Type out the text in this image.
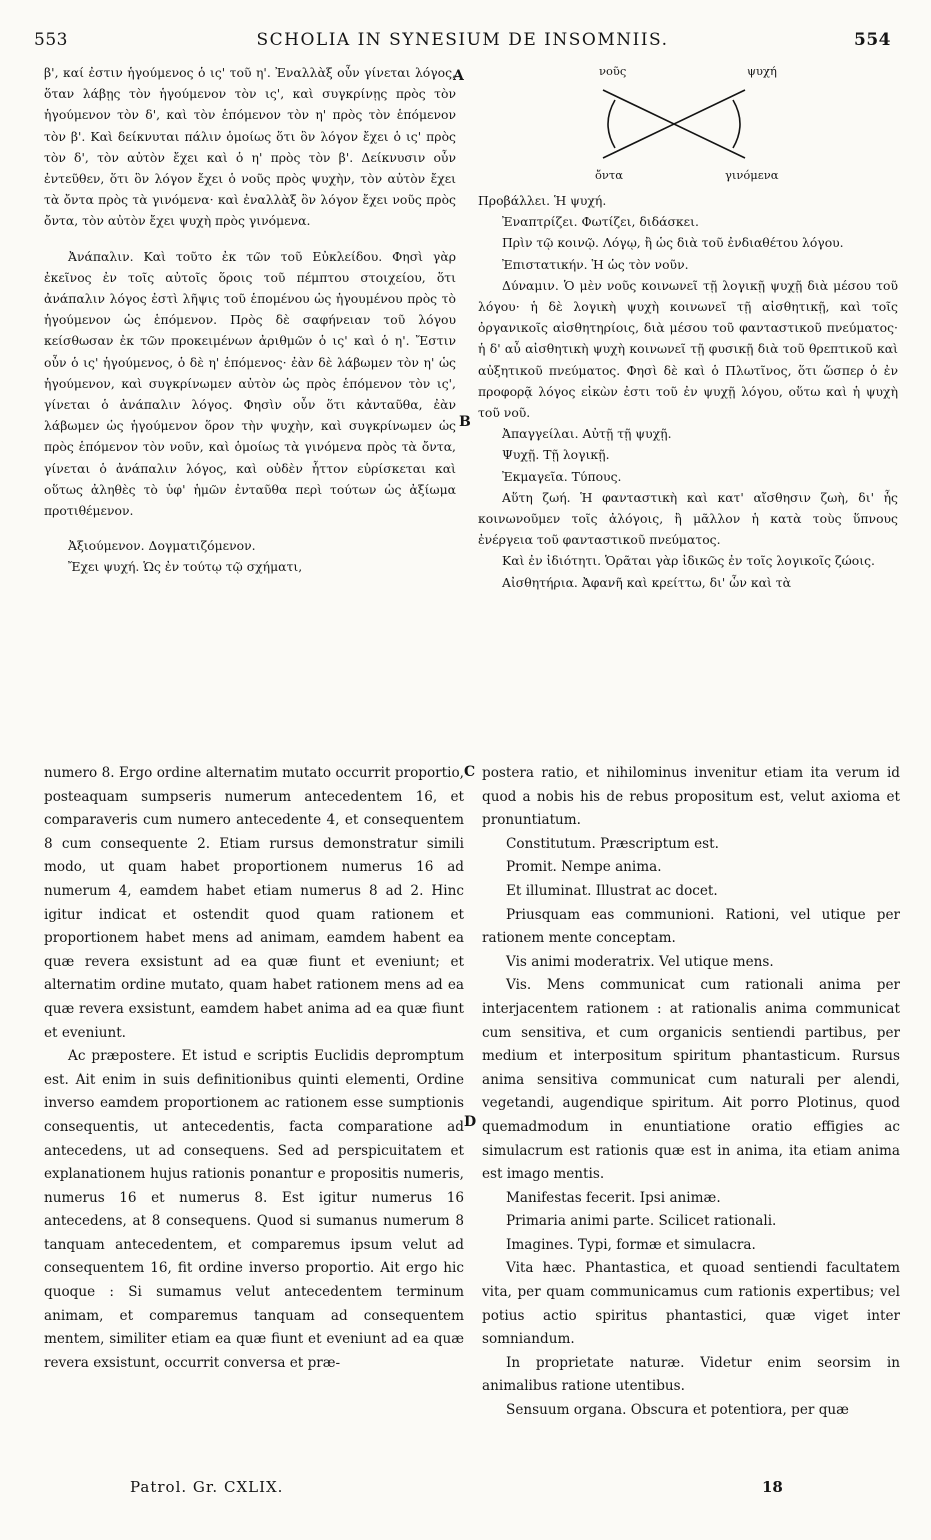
553	SCHOLIA IN SYNESIUM DE INSOMNIIS.	554

β', καί ἐστιν ἡγούμενος ὁ ις' τοῦ η'. Ἐναλλὰξ οὖν γίνεται λόγος, ὅταν λάβῃς τὸν ἡγούμενον τὸν ις', καὶ συγκρίνῃς πρὸς τὸν ἡγούμενον τὸν δ', καὶ τὸν ἑπόμενον τὸν η' πρὸς τὸν ἑπόμενον τὸν β'. Καὶ δείκνυται πάλιν ὁμοίως ὅτι ὃν λόγον ἔχει ὁ ις' πρὸς τὸν δ', τὸν αὐτὸν ἔχει καὶ ὁ η' πρὸς τὸν β'. Δείκνυσιν οὖν ἐντεῦθεν, ὅτι ὃν λόγον ἔχει ὁ νοῦς πρὸς ψυχὴν, τὸν αὐτὸν ἔχει τὰ ὄντα πρὸς τὰ γινόμενα· καὶ ἐναλλὰξ ὃν λόγον ἔχει νοῦς πρὸς ὄντα, τὸν αὐτὸν ἔχει ψυχὴ πρὸς γινόμενα.

Ἀνάπαλιν. Καὶ τοῦτο ἐκ τῶν τοῦ Εὐκλείδου. Φησὶ γὰρ ἐκεῖνος ἐν τοῖς αὐτοῖς ὅροις τοῦ πέμπτου στοιχείου, ὅτι ἀνάπαλιν λόγος ἐστὶ λῆψις τοῦ ἑπομένου ὡς ἡγουμένου πρὸς τὸ ἡγούμενον ὡς ἑπόμενον. Πρὸς δὲ σαφήνειαν τοῦ λόγου κείσθωσαν ἐκ τῶν προκειμένων ἀριθμῶν ὁ ις' καὶ ὁ η'. Ἔστιν οὖν ὁ ις' ἡγούμενος, ὁ δὲ η' ἑπόμενος· ἐὰν δὲ λάβωμεν τὸν η' ὡς ἡγούμενον, καὶ συγκρίνωμεν αὐτὸν ὡς πρὸς ἑπόμενον τὸν ις', γίνεται ὁ ἀνάπαλιν λόγος. Φησὶν οὖν ὅτι κἀνταῦθα, ἐὰν λάβωμεν ὡς ἡγούμενον ὅρον τὴν ψυχὴν, καὶ συγκρίνωμεν ὡς πρὸς ἑπόμενον τὸν νοῦν, καὶ ὁμοίως τὰ γινόμενα πρὸς τὰ ὄντα, γίνεται ὁ ἀνάπαλιν λόγος, καὶ οὐδὲν ἧττον εὑρίσκεται καὶ οὕτως ἀληθὲς τὸ ὑφ' ἡμῶν ἐνταῦθα περὶ τούτων ὡς ἀξίωμα προτιθέμενον.

Ἀξιούμενον. Δογματιζόμενον.

Ἔχει ψυχή. Ὡς ἐν τούτῳ τῷ σχήματι,

νοῦς	ψυχή
ὄντα	γινόμενα

Προβάλλει. Ἡ ψυχή.

Ἐναπτρίζει. Φωτίζει, διδάσκει.

Πρὶν τῷ κοινῷ. Λόγῳ, ἢ ὡς διὰ τοῦ ἐνδιαθέτου λόγου.

Ἐπιστατικήν. Ἡ ὡς τὸν νοῦν.

Δύναμιν. Ὁ μὲν νοῦς κοινωνεῖ τῇ λογικῇ ψυχῇ διὰ μέσου τοῦ λόγου· ἡ δὲ λογικὴ ψυχὴ κοινωνεῖ τῇ αἰσθητικῇ, καὶ τοῖς ὀργανικοῖς αἰσθητηρίοις, διὰ μέσου τοῦ φανταστικοῦ πνεύματος· ἡ δ' αὖ αἰσθητικὴ ψυχὴ κοινωνεῖ τῇ φυσικῇ διὰ τοῦ θρεπτικοῦ καὶ αὐξητικοῦ πνεύματος. Φησὶ δὲ καὶ ὁ Πλωτῖνος, ὅτι ὥσπερ ὁ ἐν προφορᾷ λόγος εἰκὼν ἐστι τοῦ ἐν ψυχῇ λόγου, οὕτω καὶ ἡ ψυχὴ τοῦ νοῦ.

Ἀπαγγείλαι. Αὐτῇ τῇ ψυχῇ.

Ψυχῇ. Τῇ λογικῇ.

Ἐκμαγεῖα. Τύπους.

Αὕτη ζωή. Ἡ φανταστικὴ καὶ κατ' αἴσθησιν ζωὴ, δι' ἧς κοινωνοῦμεν τοῖς ἀλόγοις, ἢ μᾶλλον ἡ κατὰ τοὺς ὕπνους ἐνέργεια τοῦ φανταστικοῦ πνεύματος.

Καὶ ἐν ἰδιότητι. Ὁρᾶται γὰρ ἰδικῶς ἐν τοῖς λογικοῖς ζώοις.

Αἰσθητήρια. Ἀφανῆ καὶ κρείττω, δι' ὧν καὶ τὰ

numero 8. Ergo ordine alternatim mutato occurrit proportio, posteaquam sumpseris numerum antecedentem 16, et comparaveris cum numero antecedente 4, et consequentem 8 cum consequente 2. Etiam rursus demonstratur simili modo, ut quam habet proportionem numerus 16 ad numerum 4, eamdem habet etiam numerus 8 ad 2. Hinc igitur indicat et ostendit quod quam rationem et proportionem habet mens ad animam, eamdem habent ea quæ revera exsistunt ad ea quæ fiunt et eveniunt; et alternatim ordine mutato, quam habet rationem mens ad ea quæ revera exsistunt, eamdem habet anima ad ea quæ fiunt et eveniunt.

Ac præpostere. Et istud e scriptis Euclidis depromptum est. Ait enim in suis definitionibus quinti elementi, Ordine inverso eamdem proportionem ac rationem esse sumptionis consequentis, ut antecedentis, facta comparatione ad antecedens, ut ad consequens. Sed ad perspicuitatem et explanationem hujus rationis ponantur e propositis numeris, numerus 16 et numerus 8. Est igitur numerus 16 antecedens, at 8 consequens. Quod si sumanus numerum 8 tanquam antecedentem, et comparemus ipsum velut ad consequentem 16, fit ordine inverso proportio. Ait ergo hic quoque : Si sumamus velut antecedentem terminum animam, et comparemus tanquam ad consequentem mentem, similiter etiam ea quæ fiunt et eveniunt ad ea quæ revera exsistunt, occurrit conversa et præ-

postera ratio, et nihilominus invenitur etiam ita verum id quod a nobis his de rebus propositum est, velut axioma et pronuntiatum.

Constitutum. Præscriptum est.

Promit. Nempe anima.

Et illuminat. Illustrat ac docet.

Priusquam eas communioni. Rationi, vel utique per rationem mente conceptam.

Vis animi moderatrix. Vel utique mens.

Vis. Mens communicat cum rationali anima per interjacentem rationem : at rationalis anima communicat cum sensitiva, et cum organicis sentiendi partibus, per medium et interpositum spiritum phantasticum. Rursus anima sensitiva communicat cum naturali per alendi, vegetandi, augendique spiritum. Ait porro Plotinus, quod quemadmodum in enuntiatione oratio effigies ac simulacrum est rationis quæ est in anima, ita etiam anima est imago mentis.

Manifestas fecerit. Ipsi animæ.

Primaria animi parte. Scilicet rationali.

Imagines. Typi, formæ et simulacra.

Vita hæc. Phantastica, et quoad sentiendi facultatem vita, per quam communicamus cum rationis expertibus; vel potius actio spiritus phantastici, quæ viget inter somniandum.

In proprietate naturæ. Videtur enim seorsim in animalibus ratione utentibus.

Sensuum organa. Obscura et potentiora, per quæ

A
B
C
D
Patrol. Gr. CXLIX.	18
